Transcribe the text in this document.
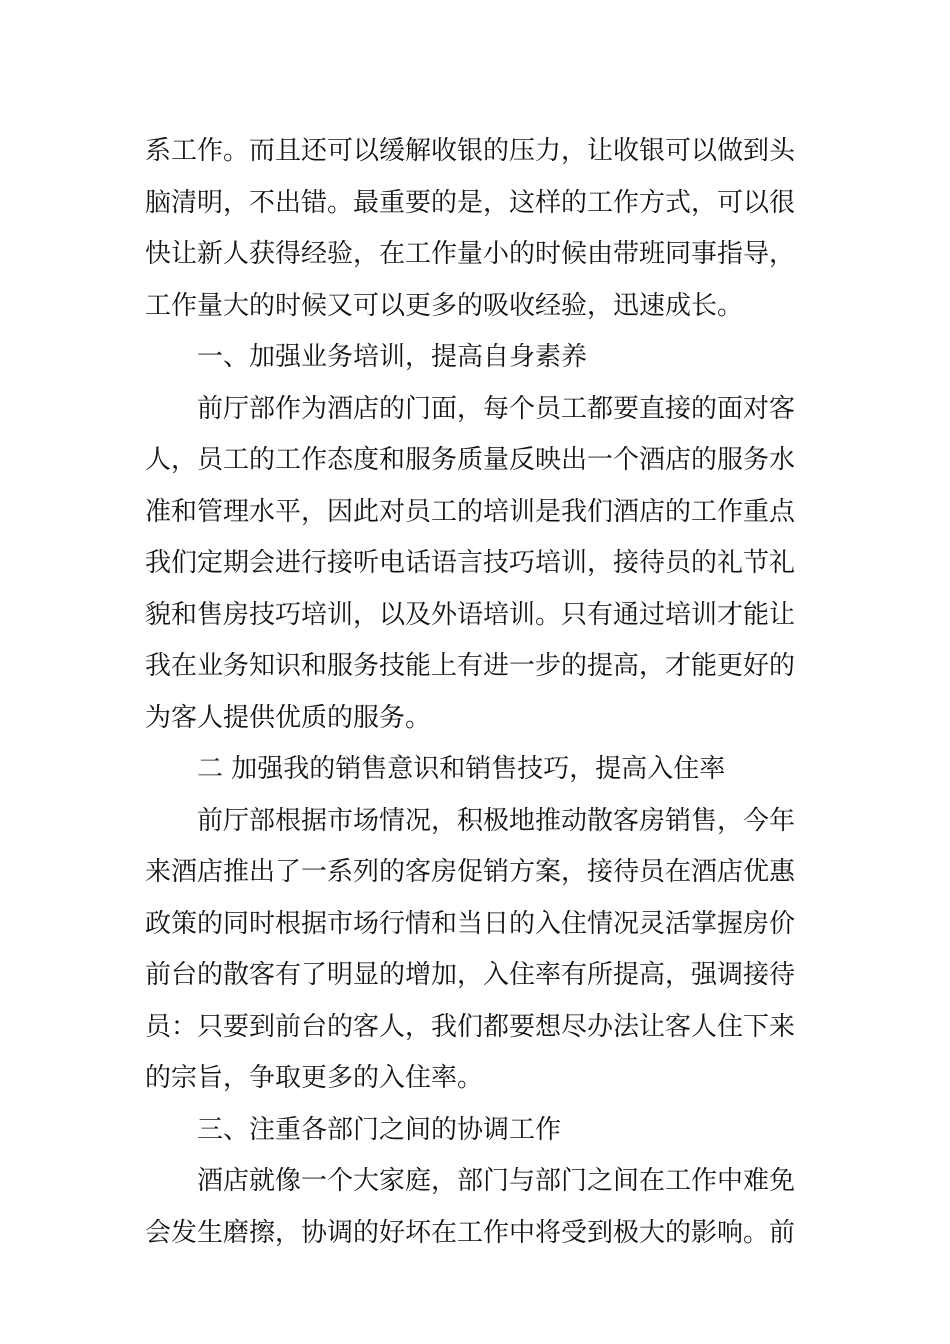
系工作。而且还可以缓解收银的压力，让收银可以做到头
脑清明，不出错。最重要的是，这样的工作方式，可以很
快让新人获得经验，在工作量小的时候由带班同事指导，
工作量大的时候又可以更多的吸收经验，迅速成长。
一、加强业务培训，提高自身素养
前厅部作为酒店的门面，每个员工都要直接的面对客
人，员工的工作态度和服务质量反映出一个酒店的服务水
准和管理水平，因此对员工的培训是我们酒店的工作重点
我们定期会进行接听电话语言技巧培训，接待员的礼节礼
貌和售房技巧培训，以及外语培训。只有通过培训才能让
我在业务知识和服务技能上有进一步的提高，才能更好的
为客人提供优质的服务。
二 加强我的销售意识和销售技巧，提高入住率
前厅部根据市场情况，积极地推动散客房销售，今年
来酒店推出了一系列的客房促销方案，接待员在酒店优惠
政策的同时根据市场行情和当日的入住情况灵活掌握房价
前台的散客有了明显的增加，入住率有所提高，强调接待
员：只要到前台的客人，我们都要想尽办法让客人住下来
的宗旨，争取更多的入住率。
三、注重各部门之间的协调工作
酒店就像一个大家庭，部门与部门之间在工作中难免
会发生磨擦，协调的好坏在工作中将受到极大的影响。前
